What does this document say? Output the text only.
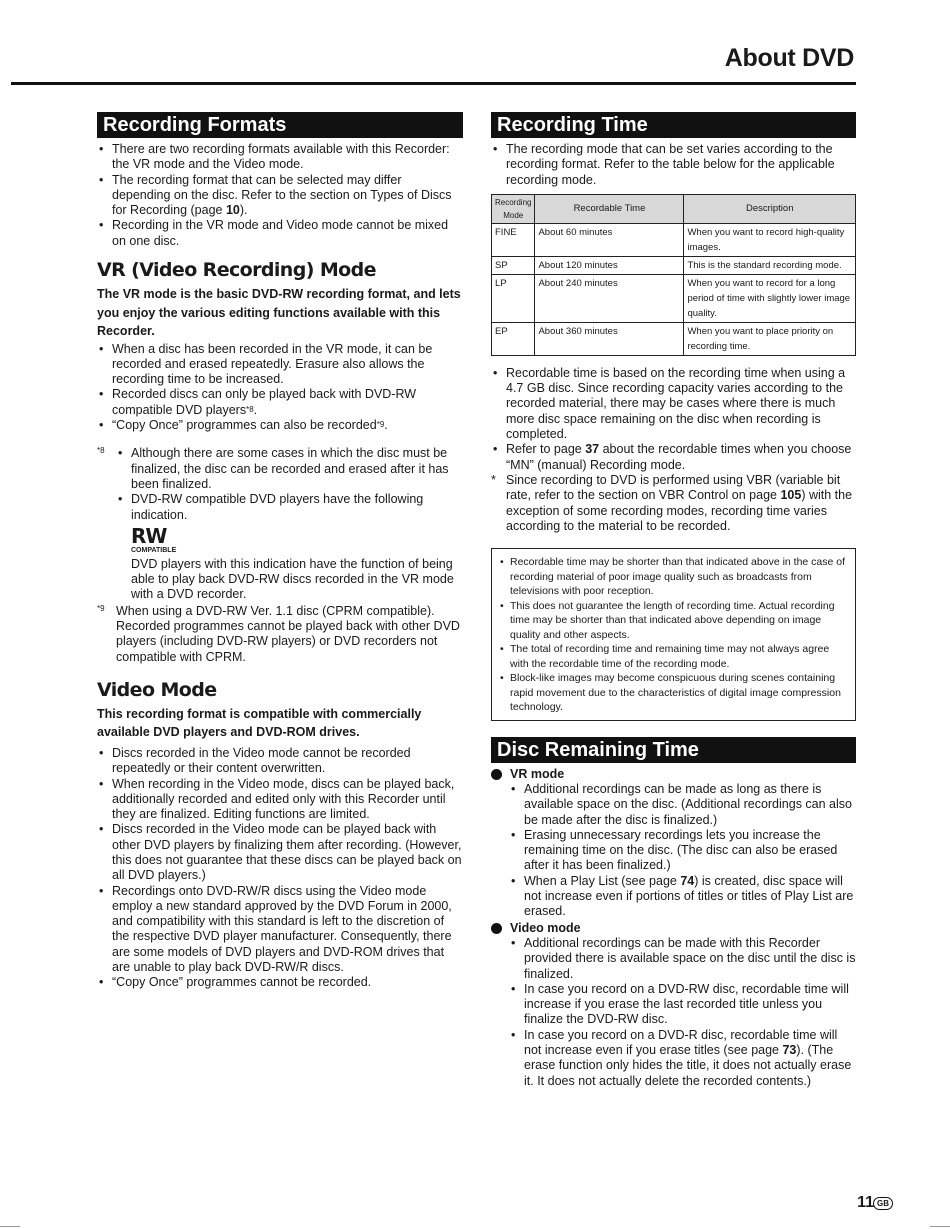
About DVD
Recording Formats
• There are two recording formats available with this Recorder: the VR mode and the Video mode.
• The recording format that can be selected may differ depending on the disc. Refer to the section on Types of Discs for Recording (page 10).
• Recording in the VR mode and Video mode cannot be mixed on one disc.
VR (Video Recording) Mode
The VR mode is the basic DVD-RW recording format, and lets you enjoy the various editing functions available with this Recorder.
• When a disc has been recorded in the VR mode, it can be recorded and erased repeatedly. Erasure also allows the recording time to be increased.
• Recorded discs can only be played back with DVD-RW compatible DVD players$^{*8}$.
• “Copy Once” programmes can also be recorded$^{*9}$.
*8	• Although there are some cases in which the disc must be finalized, the disc can be recorded and erased after it has been finalized.
• DVD-RW compatible DVD players have the following indication.
RW
COMPATIBLE
DVD players with this indication have the function of being able to play back DVD-RW discs recorded in the VR mode with a DVD recorder.
*9 When using a DVD-RW Ver. 1.1 disc (CPRM compatible). Recorded programmes cannot be played back with other DVD players (including DVD-RW players) or DVD recorders not compatible with CPRM.
Video Mode
This recording format is compatible with commercially available DVD players and DVD-ROM drives.
• Discs recorded in the Video mode cannot be recorded repeatedly or their content overwritten.
• When recording in the Video mode, discs can be played back, additionally recorded and edited only with this Recorder until they are finalized. Editing functions are limited.
• Discs recorded in the Video mode can be played back with other DVD players by finalizing them after recording. (However, this does not guarantee that these discs can be played back on all DVD players.)
• Recordings onto DVD-RW/R discs using the Video mode employ a new standard approved by the DVD Forum in 2000, and compatibility with this standard is left to the discretion of the respective DVD player manufacturer. Consequently, there are some models of DVD players and DVD-ROM drives that are unable to play back DVD-RW/R discs.
• “Copy Once” programmes cannot be recorded.
Recording Time
• The recording mode that can be set varies according to the recording format. Refer to the table below for the applicable recording mode.
Recording Mode	Recordable Time	Description
FINE	About 60 minutes	When you want to record high-quality images.
SP	About 120 minutes	This is the standard recording mode.
LP	About 240 minutes	When you want to record for a long period of time with slightly lower image quality.
EP	About 360 minutes	When you want to place priority on recording time.
• Recordable time is based on the recording time when using a 4.7 GB disc. Since recording capacity varies according to the recorded material, there may be cases where there is much more disc space remaining on the disc when recording is completed.
• Refer to page 37 about the recordable times when you choose “MN” (manual) Recording mode.
* Since recording to DVD is performed using VBR (variable bit rate, refer to the section on VBR Control on page 105) with the exception of some recording modes, recording time varies according to the material to be recorded.
• Recordable time may be shorter than that indicated above in the case of recording material of poor image quality such as broadcasts from televisions with poor reception.
• This does not guarantee the length of recording time. Actual recording time may be shorter than that indicated above depending on image quality and other aspects.
• The total of recording time and remaining time may not always agree with the recordable time of the recording mode.
• Block-like images may become conspicuous during scenes containing rapid movement due to the characteristics of digital image compression technology.
Disc Remaining Time
VR mode
• Additional recordings can be made as long as there is available space on the disc. (Additional recordings can also be made after the disc is finalized.)
• Erasing unnecessary recordings lets you increase the remaining time on the disc. (The disc can also be erased after it has been finalized.)
• When a Play List (see page 74) is created, disc space will not increase even if portions of titles or titles of Play List are erased.
Video mode
• Additional recordings can be made with this Recorder provided there is available space on the disc until the disc is finalized.
• In case you record on a DVD-RW disc, recordable time will increase if you erase the last recorded title unless you finalize the DVD-RW disc.
• In case you record on a DVD-R disc, recordable time will not increase even if you erase titles (see page 73). (The erase function only hides the title, it does not actually erase it. It does not actually delete the recorded contents.)
11 GB
